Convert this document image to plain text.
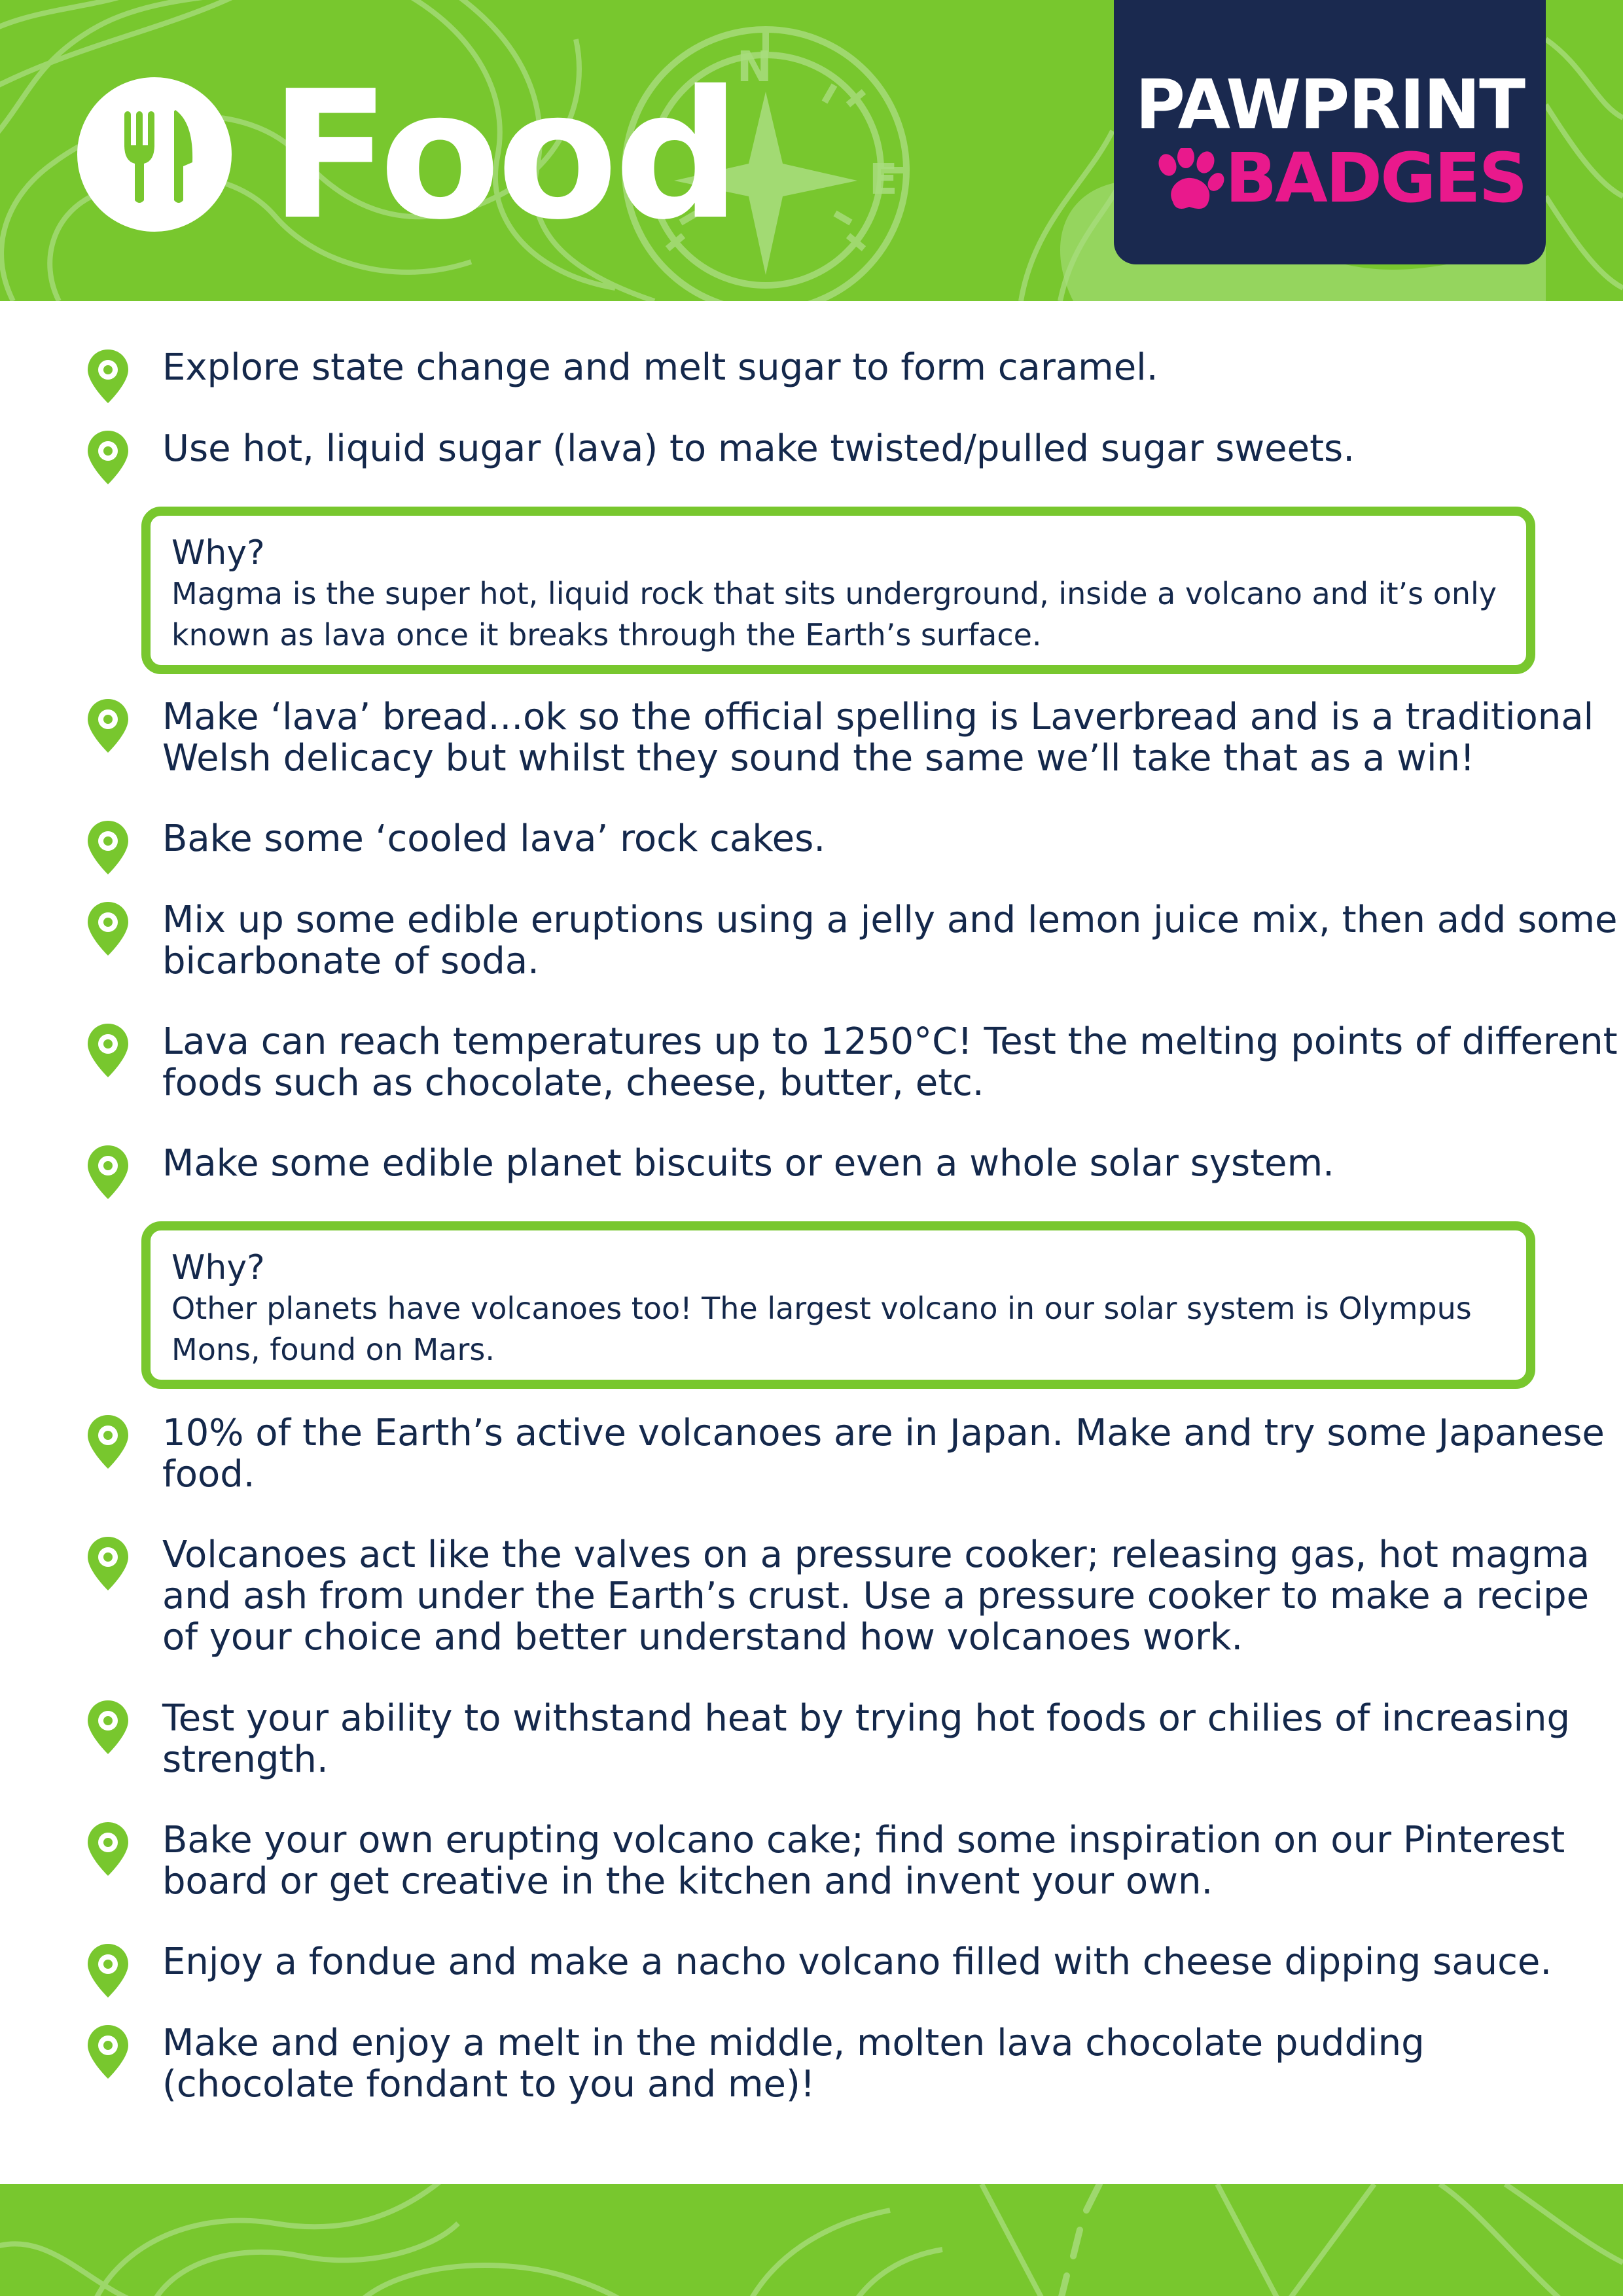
N
E
Food	PAWPRINT
BADGES
Explore state change and melt sugar to form caramel.
Use hot, liquid sugar (lava) to make twisted/pulled sugar sweets.
Why?
Magma is the super hot, liquid rock that sits underground, inside a volcano and it’s only known as lava once it breaks through the Earth’s surface.
Make ‘lava’ bread...ok so the official spelling is Laverbread and is a traditional Welsh delicacy but whilst they sound the same we’ll take that as a win!
Bake some ‘cooled lava’ rock cakes.
Mix up some edible eruptions using a jelly and lemon juice mix, then add some bicarbonate of soda.
Lava can reach temperatures up to 1250°C! Test the melting points of different foods such as chocolate, cheese, butter, etc.
Make some edible planet biscuits or even a whole solar system.
Why?
Other planets have volcanoes too! The largest volcano in our solar system is Olympus Mons, found on Mars.
10% of the Earth’s active volcanoes are in Japan. Make and try some Japanese food.
Volcanoes act like the valves on a pressure cooker; releasing gas, hot magma and ash from under the Earth’s crust. Use a pressure cooker to make a recipe of your choice and better understand how volcanoes work.
Test your ability to withstand heat by trying hot foods or chilies of increasing strength.
Bake your own erupting volcano cake; find some inspiration on our Pinterest board or get creative in the kitchen and invent your own.
Enjoy a fondue and make a nacho volcano filled with cheese dipping sauce.
Make and enjoy a melt in the middle, molten lava chocolate pudding (chocolate fondant to you and me)!
